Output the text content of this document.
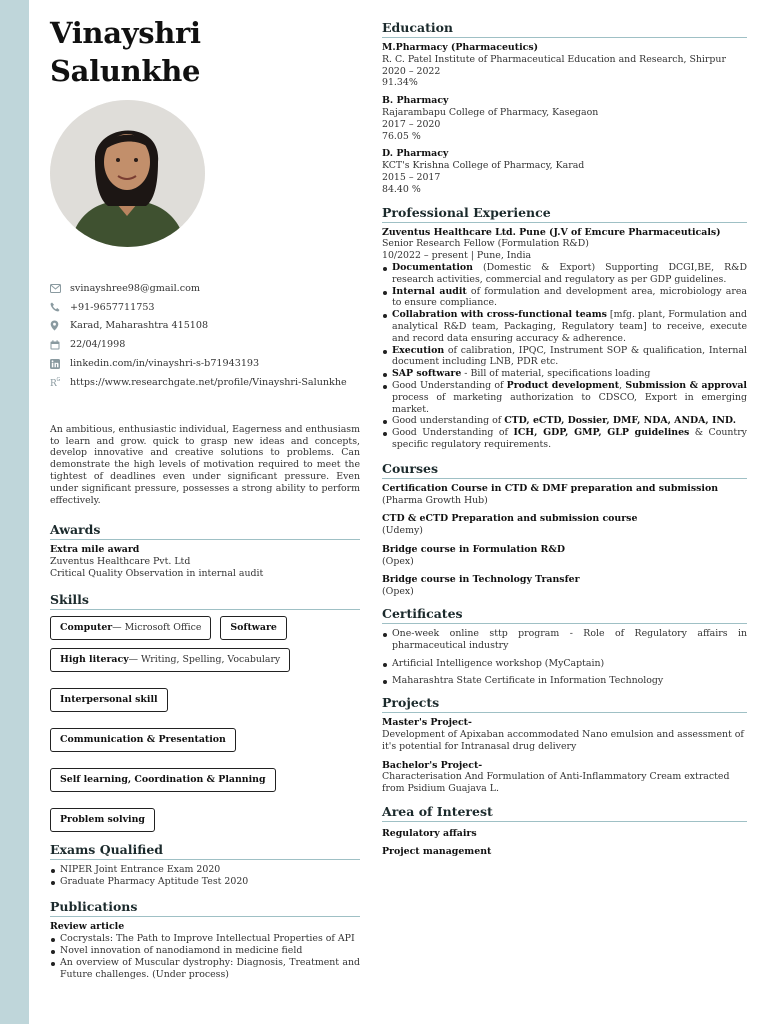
Vinayshri Salunkhe
svinayshree98@gmail.com
+91-9657711753
Karad, Maharashtra 415108
22/04/1998
linkedin.com/in/vinayshri-s-b71943193
R G https://www.researchgate.net/profile/Vinayshri-Salunkhe

An ambitious, enthusiastic individual, Eagerness and enthusiasm to learn and grow. quick to grasp new ideas and concepts, develop innovative and creative solutions to problems. Can demonstrate the high levels of motivation required to meet the tightest of deadlines even under significant pressure. Even under significant pressure, possesses a strong ability to perform effectively.

Awards
Extra mile award
Zuventus Healthcare Pvt. Ltd
Critical Quality Observation in internal audit
Skills
Computer — Microsoft Office	Software
High literacy — Writing, Spelling, Vocabulary
Interpersonal skill
Communication & Presentation
Self learning, Coordination & Planning
Problem solving
Exams Qualified
NIPER Joint Entrance Exam 2020
Graduate Pharmacy Aptitude Test 2020
Publications
Review article
Cocrystals: The Path to Improve Intellectual Properties of API
Novel innovation of nanodiamond in medicine field
An overview of Muscular dystrophy: Diagnosis, Treatment and Future challenges. (Under process)
Education
M.Pharmacy (Pharmaceutics)
R. C. Patel Institute of Pharmaceutical Education and Research, Shirpur
2020 – 2022
91.34%
B. Pharmacy
Rajarambapu College of Pharmacy, Kasegaon
2017 – 2020
76.05 %
D. Pharmacy
KCT's Krishna College of Pharmacy, Karad
2015 – 2017
84.40 %
Professional Experience
Zuventus Healthcare Ltd. Pune (J.V of Emcure Pharmaceuticals)
Senior Research Fellow (Formulation R&D)
10/2022 – present | Pune, India
Documentation (Domestic & Export) Supporting DCGI,BE, R&D research activities, commercial and regulatory as per GDP guidelines.
Internal audit of formulation and development area, microbiology area to ensure compliance.
Collabration with cross-functional teams [mfg. plant, Formulation and analytical R&D team, Packaging, Regulatory team] to receive, execute and record data ensuring accuracy & adherence.
Execution of calibration, IPQC, Instrument SOP & qualification, Internal document including LNB, PDR etc.
SAP software - Bill of material, specifications loading
Good Understanding of Product development, Submission & approval process of marketing authorization to CDSCO, Export in emerging market.
Good understanding of CTD, eCTD, Dossier, DMF, NDA, ANDA, IND.
Good Understanding of ICH, GDP, GMP, GLP guidelines & Country specific regulatory requirements.
Courses
Certification Course in CTD & DMF preparation and submission
(Pharma Growth Hub)
CTD & eCTD Preparation and submission course
(Udemy)
Bridge course in Formulation R&D
(Opex)
Bridge course in Technology Transfer
(Opex)
Certificates
One-week online sttp program - Role of Regulatory affairs in pharmaceutical industry
Artificial Intelligence workshop (MyCaptain)
Maharashtra State Certificate in Information Technology
Projects
Master's Project-
Development of Apixaban accommodated Nano emulsion and assessment of it's potential for Intranasal drug delivery
Bachelor's Project-
Characterisation And Formulation of Anti-Inflammatory Cream extracted from Psidium Guajava L.
Area of Interest
Regulatory affairs
Project management
